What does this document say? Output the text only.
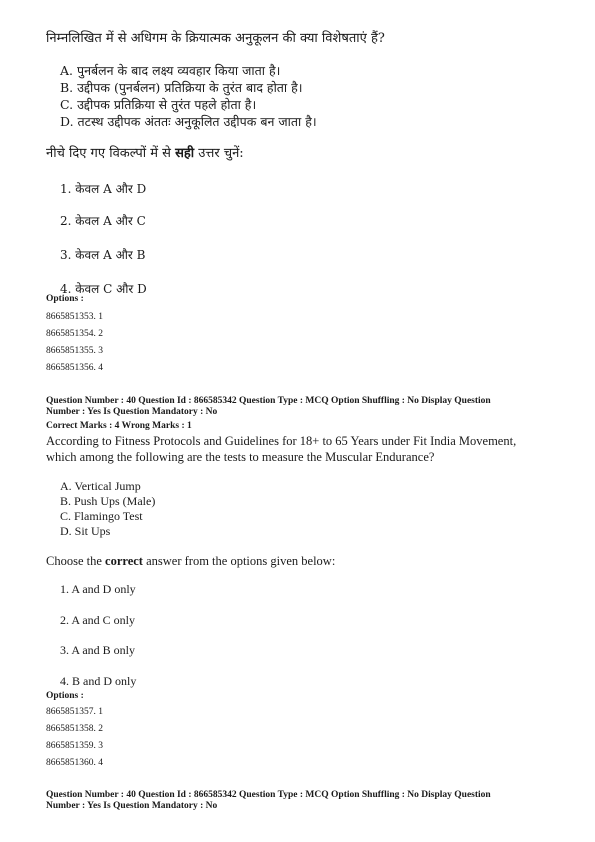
निम्नलिखित में से अधिगम के क्रियात्मक अनुकूलन की क्या विशेषताएं हैं?
A. पुनर्बलन के बाद लक्ष्य व्यवहार किया जाता है।
B. उद्दीपक (पुनर्बलन) प्रतिक्रिया के तुरंत बाद होता है।
C. उद्दीपक प्रतिक्रिया से तुरंत पहले होता है।
D. तटस्थ उद्दीपक अंततः अनुकूलित उद्दीपक बन जाता है।
नीचे दिए गए विकल्पों में से सही उत्तर चुनें:
1. केवल A और D
2. केवल A और C
3. केवल A और B
4. केवल C और D
Options :
8665851353. 1
8665851354. 2
8665851355. 3
8665851356. 4
Question Number : 40 Question Id : 866585342 Question Type : MCQ Option Shuffling : No Display Question
Number : Yes Is Question Mandatory : No
Correct Marks : 4 Wrong Marks : 1
According to Fitness Protocols and Guidelines for 18+ to 65 Years under Fit India Movement,
which among the following are the tests to measure the Muscular Endurance?
A. Vertical Jump
B. Push Ups (Male)
C. Flamingo Test
D. Sit Ups
Choose the correct answer from the options given below:
1. A and D only
2. A and C only
3. A and B only
4. B and D only
Options :
8665851357. 1
8665851358. 2
8665851359. 3
8665851360. 4
Question Number : 40 Question Id : 866585342 Question Type : MCQ Option Shuffling : No Display Question
Number : Yes Is Question Mandatory : No
